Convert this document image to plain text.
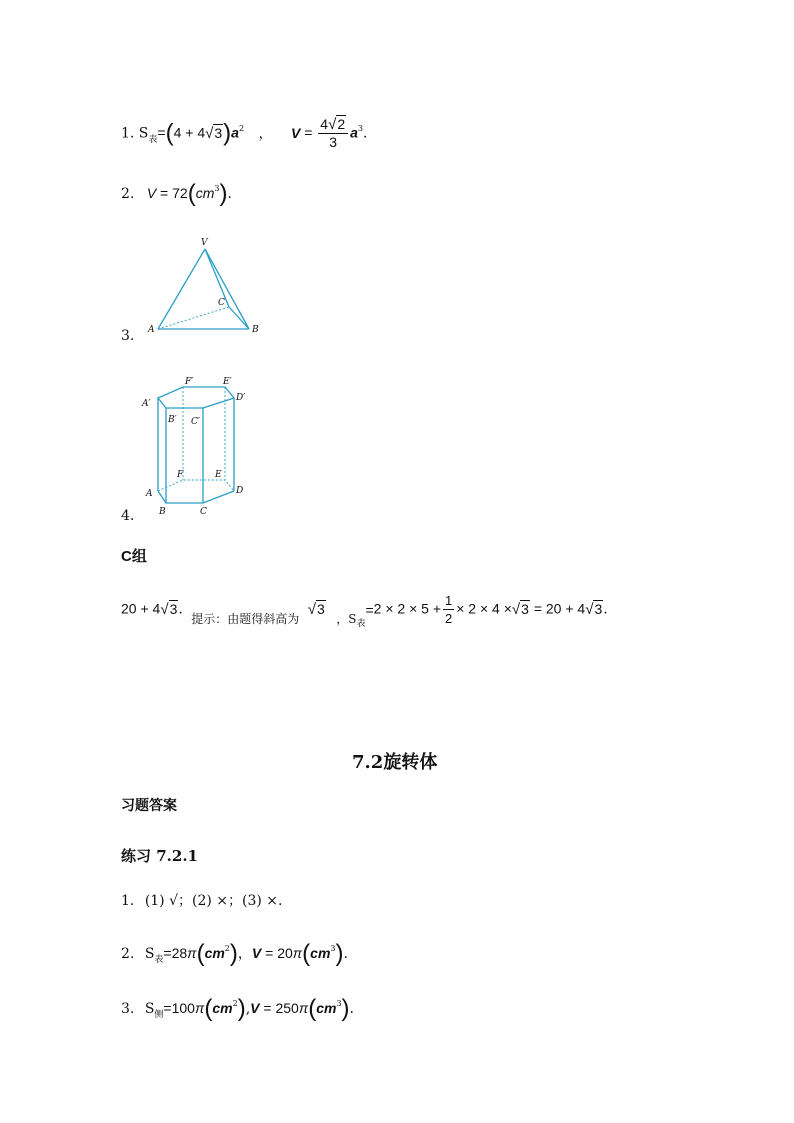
1. $S_表=(4 + 4√3)a^2$ ， $V = \frac{4√2}{3} a^3$.
2. $V = 72(cm^3)$.
V
A	B
C
3.
A′
B′ C′
D′
E′
F′
A
B	C
D
E
F
4.
C组
20 + 4√3. 提示：由题得斜高为 √3 ，$S_表=2 \times 2 \times 5 + \frac{1}{2} \times 2 \times 4 \times√3 = 20 + 4√3$.
7.2旋转体
习题答案
练习 7.2.1
1. (1) √；(2) ×；(3) ×.
2. $S_表=28\pi(cm^2)$，$V = 20\pi(cm^3)$.
3. $S_侧=100\pi(cm^2),V = 250\pi(cm^3)$.
